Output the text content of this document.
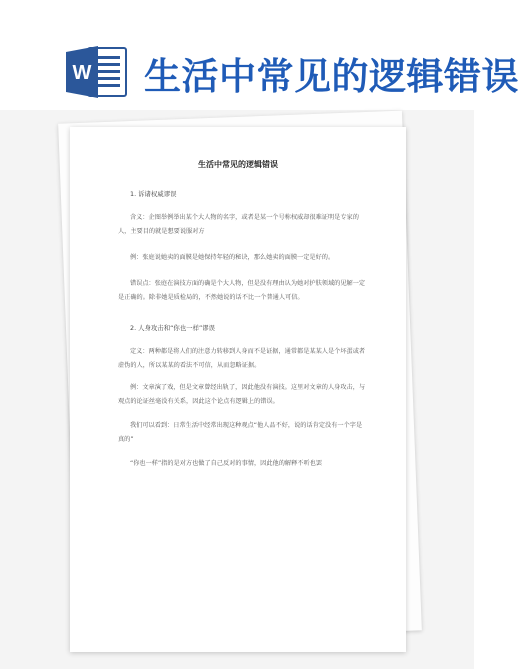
W 生活中常见的逻辑错误
生活中常见的逻辑错误
1. 诉诸权威谬误
含义：企图举例举出某个大人物的名字，或者是某一个号称权威却很难证明是专家的人，主要目的就是想要说服对方
例：张庭说她卖的面膜是她保持年轻的秘诀，那么她卖的面膜一定是好的。
错误点：张庭在演技方面的确是个大人物，但是没有理由认为她对护肤领域的见解一定是正确的。除非她是质检局的，不然她说的话不比一个普通人可信。
2. 人身攻击和“你也一样”谬误
定义：两种都是将人们的注意力转移到人身而不是证据，通常都是某某人是个坏蛋或者虚伪的人，所以某某的看法不可信，从而忽略证据。
例：文章演了戏，但是文章曾经出轨了，因此他没有演技。这里对文章的人身攻击，与观点的论证丝毫没有关系，因此这个论点有逻辑上的错误。
我们可以看到：日常生活中经常出现这种观点“他人品不好，说的话肯定没有一个字是真的”
“你也一样”指的是对方也做了自己反对的事情，因此他的解释不听也罢
